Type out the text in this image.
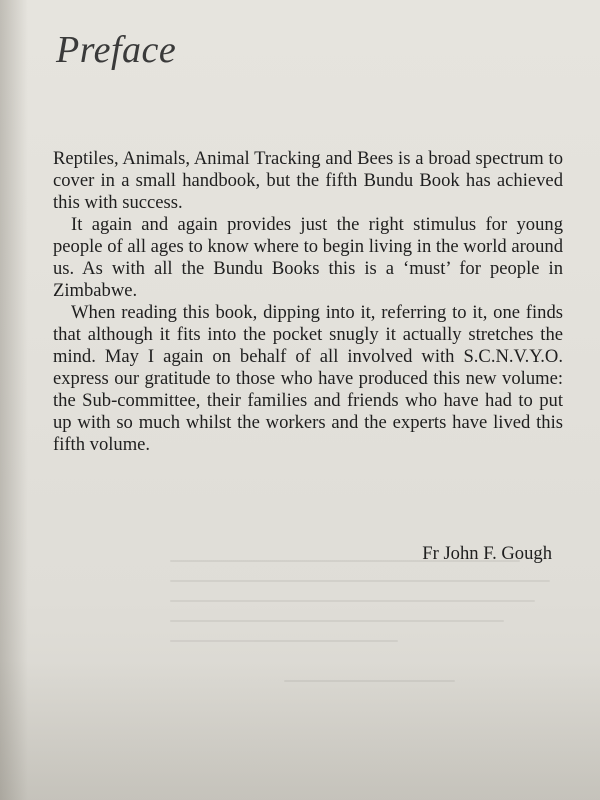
Preface

Reptiles, Animals, Animal Tracking and Bees is a broad spectrum to cover in a small handbook, but the fifth Bundu Book has achieved this with success.

It again and again provides just the right stimulus for young people of all ages to know where to begin living in the world around us. As with all the Bundu Books this is a ‘must’ for people in Zimbabwe.

When reading this book, dipping into it, referring to it, one finds that although it fits into the pocket snugly it actually stretches the mind. May I again on behalf of all involved with S.C.N.V.Y.O. express our gratitude to those who have produced this new volume: the Sub-committee, their families and friends who have had to put up with so much whilst the workers and the experts have lived this fifth volume.

Fr John F. Gough
